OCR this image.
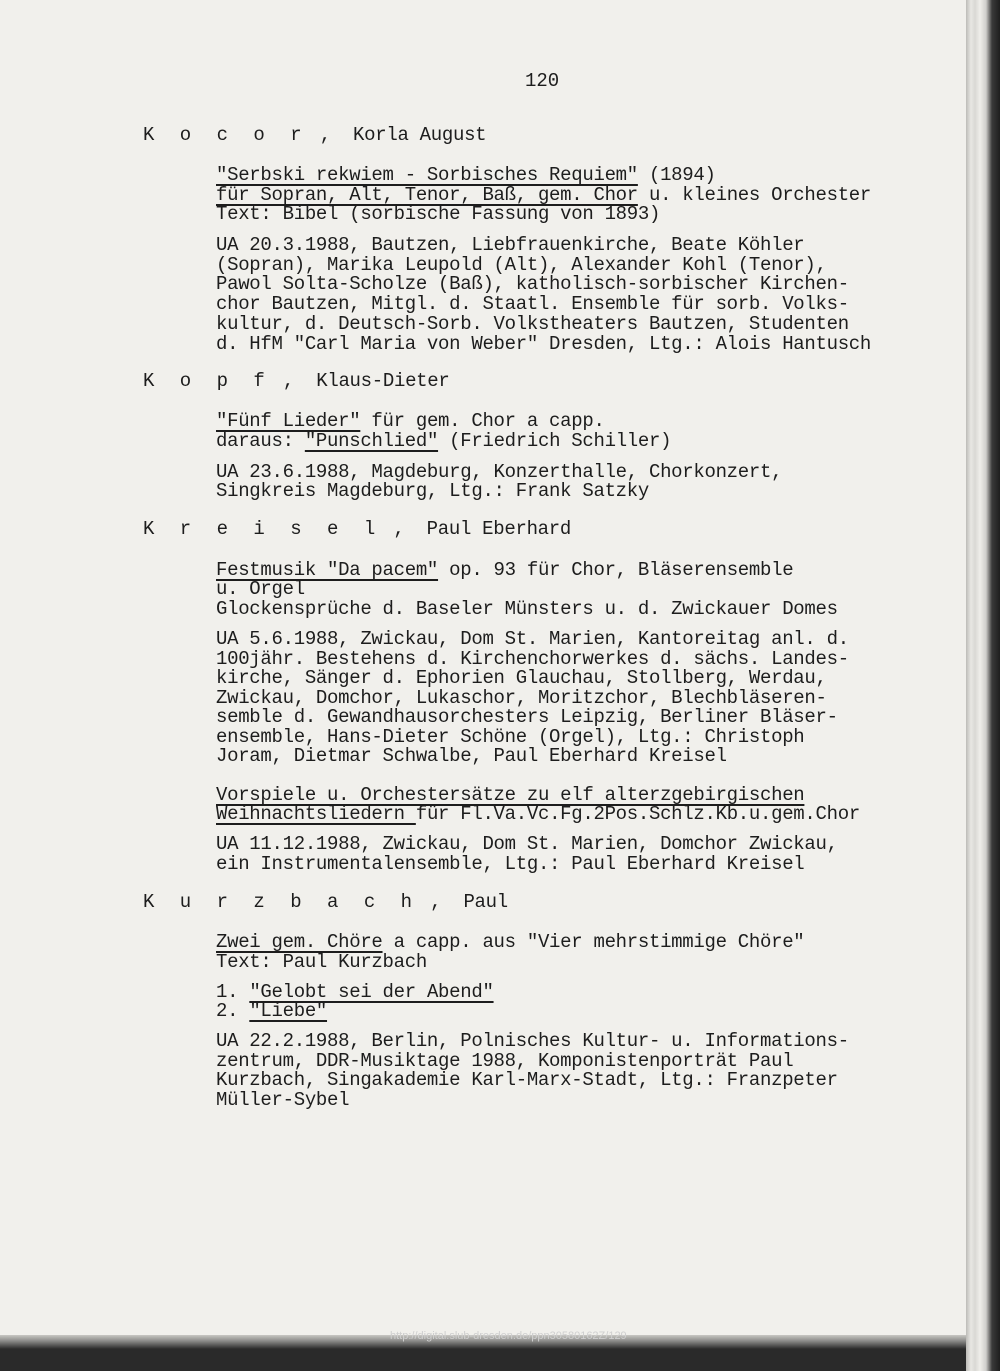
120
K o c o r ,  Korla August
"Serbski rekwiem - Sorbisches Requiem" (1894)
für Sopran, Alt, Tenor, Baß, gem. Chor u. kleines Orchester
Text: Bibel (sorbische Fassung von 1893)
UA 20.3.1988, Bautzen, Liebfrauenkirche, Beate Köhler
(Sopran), Marika Leupold (Alt), Alexander Kohl (Tenor),
Pawol Solta-Scholze (Baß), katholisch-sorbischer Kirchen-
chor Bautzen, Mitgl. d. Staatl. Ensemble für sorb. Volks-
kultur, d. Deutsch-Sorb. Volkstheaters Bautzen, Studenten
d. HfM "Carl Maria von Weber" Dresden, Ltg.: Alois Hantusch
K o p f ,  Klaus-Dieter
"Fünf Lieder" für gem. Chor a capp.
daraus: "Punschlied" (Friedrich Schiller)
UA 23.6.1988, Magdeburg, Konzerthalle, Chorkonzert,
Singkreis Magdeburg, Ltg.: Frank Satzky
K r e i s e l ,  Paul Eberhard
Festmusik "Da pacem" op. 93 für Chor, Bläserensemble
u. Orgel
Glockensprüche d. Baseler Münsters u. d. Zwickauer Domes
UA 5.6.1988, Zwickau, Dom St. Marien, Kantoreitag anl. d.
100jähr. Bestehens d. Kirchenchorwerkes d. sächs. Landes-
kirche, Sänger d. Ephorien Glauchau, Stollberg, Werdau,
Zwickau, Domchor, Lukaschor, Moritzchor, Blechbläseren-
semble d. Gewandhausorchesters Leipzig, Berliner Bläser-
ensemble, Hans-Dieter Schöne (Orgel), Ltg.: Christoph
Joram, Dietmar Schwalbe, Paul Eberhard Kreisel
Vorspiele u. Orchestersätze zu elf alterzgebirgischen
Weihnachtsliedern für Fl.Va.Vc.Fg.2Pos.Schlz.Kb.u.gem.Chor
UA 11.12.1988, Zwickau, Dom St. Marien, Domchor Zwickau,
ein Instrumentalensemble, Ltg.: Paul Eberhard Kreisel
K u r z b a c h ,  Paul
Zwei gem. Chöre a capp. aus "Vier mehrstimmige Chöre"
Text: Paul Kurzbach
1. "Gelobt sei der Abend"
2. "Liebe"
UA 22.2.1988, Berlin, Polnisches Kultur- u. Informations-
zentrum, DDR-Musiktage 1988, Komponistenporträt Paul
Kurzbach, Singakademie Karl-Marx-Stadt, Ltg.: Franzpeter
Müller-Sybel
http://digital.slub-dresden.de/ppn30580162Z/129
